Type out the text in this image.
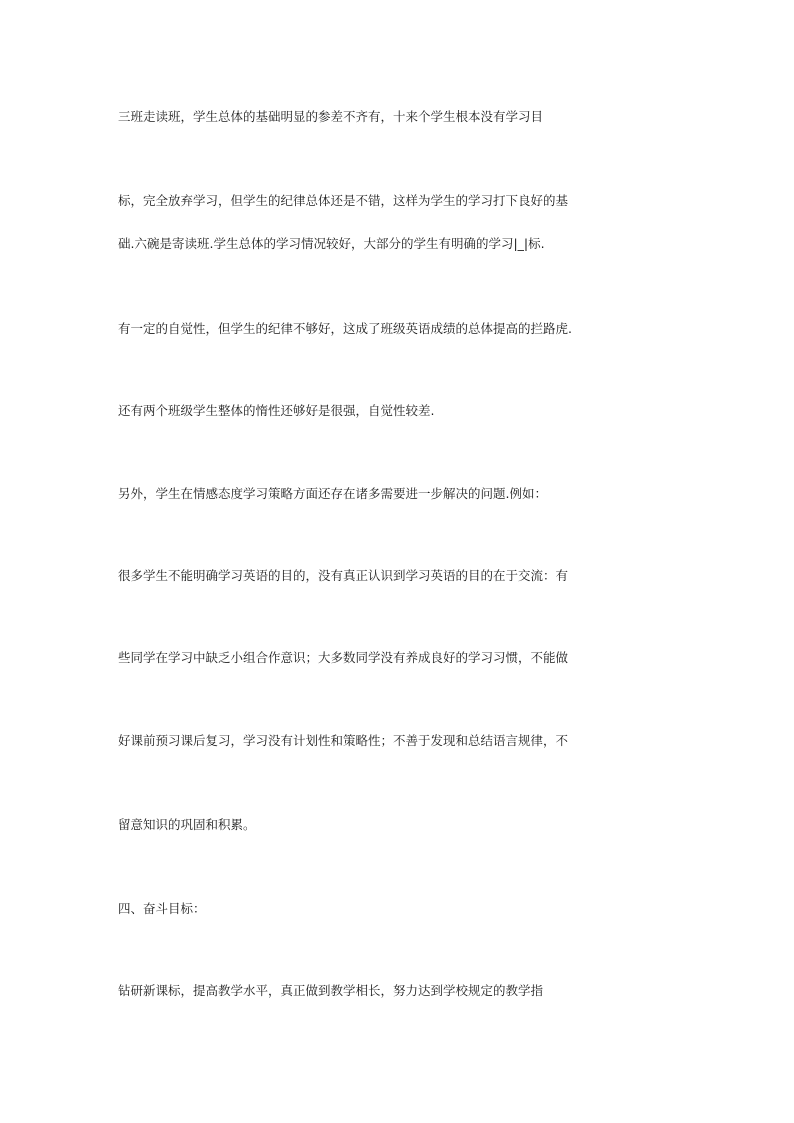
三班走读班，学生总体的基础明显的参差不齐有，十来个学生根本没有学习目
标，完全放弃学习，但学生的纪律总体还是不错，这样为学生的学习打下良好的基
础.六碗是寄读班.学生总体的学习情况较好，大部分的学生有明确的学习|_|标.
有一定的自觉性，但学生的纪律不够好，这成了班级英语成绩的总体提高的拦路虎.
还有两个班级学生整体的惰性还够好是很强，自觉性较差.
另外，学生在情感态度学习策略方面还存在诸多需要进一步解决的问题.例如：
很多学生不能明确学习英语的目的，没有真正认识到学习英语的目的在于交流：有
些同学在学习中缺乏小组合作意识；大多数同学没有养成良好的学习习惯，不能做
好课前预习课后复习，学习没有计划性和策略性；不善于发现和总结语言规律，不
留意知识的巩固和积累。
四、奋斗目标：
钻研新课标，提高教学水平，真正做到教学相长，努力达到学校规定的教学指
